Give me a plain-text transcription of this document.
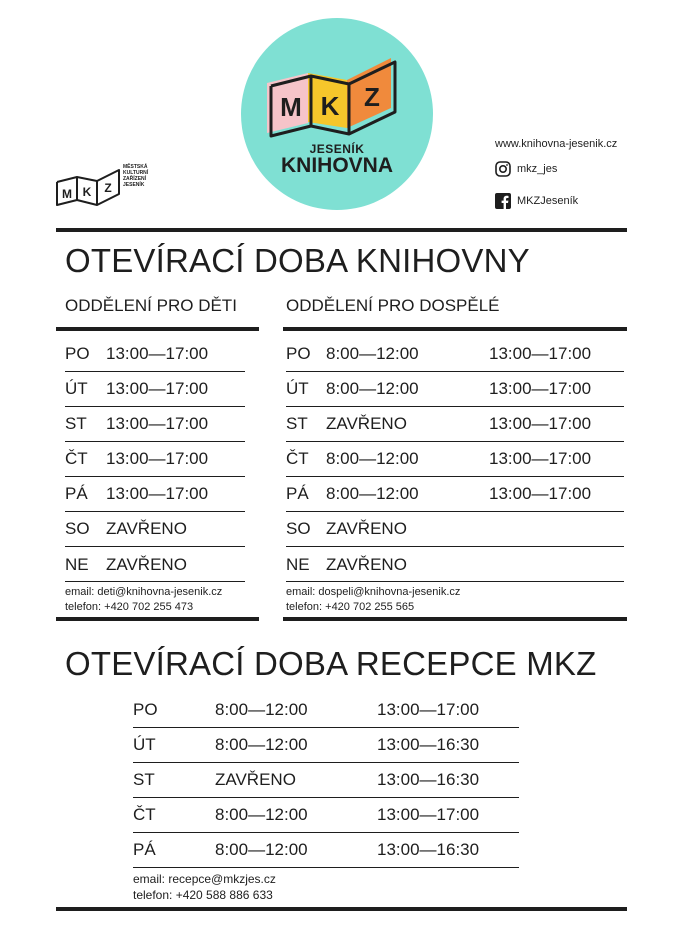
M K Z
JESENÍK
KNIHOVNA
M K Z
MĚSTSKÁ
KULTURNÍ
ZAŘÍZENÍ
JESENÍK
www.knihovna-jesenik.cz
mkz_jes
MKZJeseník
OTEVÍRACÍ DOBA KNIHOVNY
ODDĚLENÍ PRO DĚTI	ODDĚLENÍ PRO DOSPĚLÉ
PO 13:00—17:00
ÚT 13:00—17:00
ST 13:00—17:00
ČT 13:00—17:00
PÁ 13:00—17:00
SO ZAVŘENO
NE ZAVŘENO
PO 8:00—12:00	13:00—17:00
ÚT 8:00—12:00	13:00—17:00
ST ZAVŘENO	13:00—17:00
ČT 8:00—12:00	13:00—17:00
PÁ 8:00—12:00	13:00—17:00
SO ZAVŘENO
NE ZAVŘENO
email: deti@knihovna-jesenik.cz
telefon: +420 702 255 473
email: dospeli@knihovna-jesenik.cz
telefon: +420 702 255 565
OTEVÍRACÍ DOBA RECEPCE MKZ
PO	8:00—12:00	13:00—17:00
ÚT	8:00—12:00	13:00—16:30
ST	ZAVŘENO	13:00—16:30
ČT	8:00—12:00	13:00—17:00
PÁ	8:00—12:00	13:00—16:30
email: recepce@mkzjes.cz
telefon: +420 588 886 633
